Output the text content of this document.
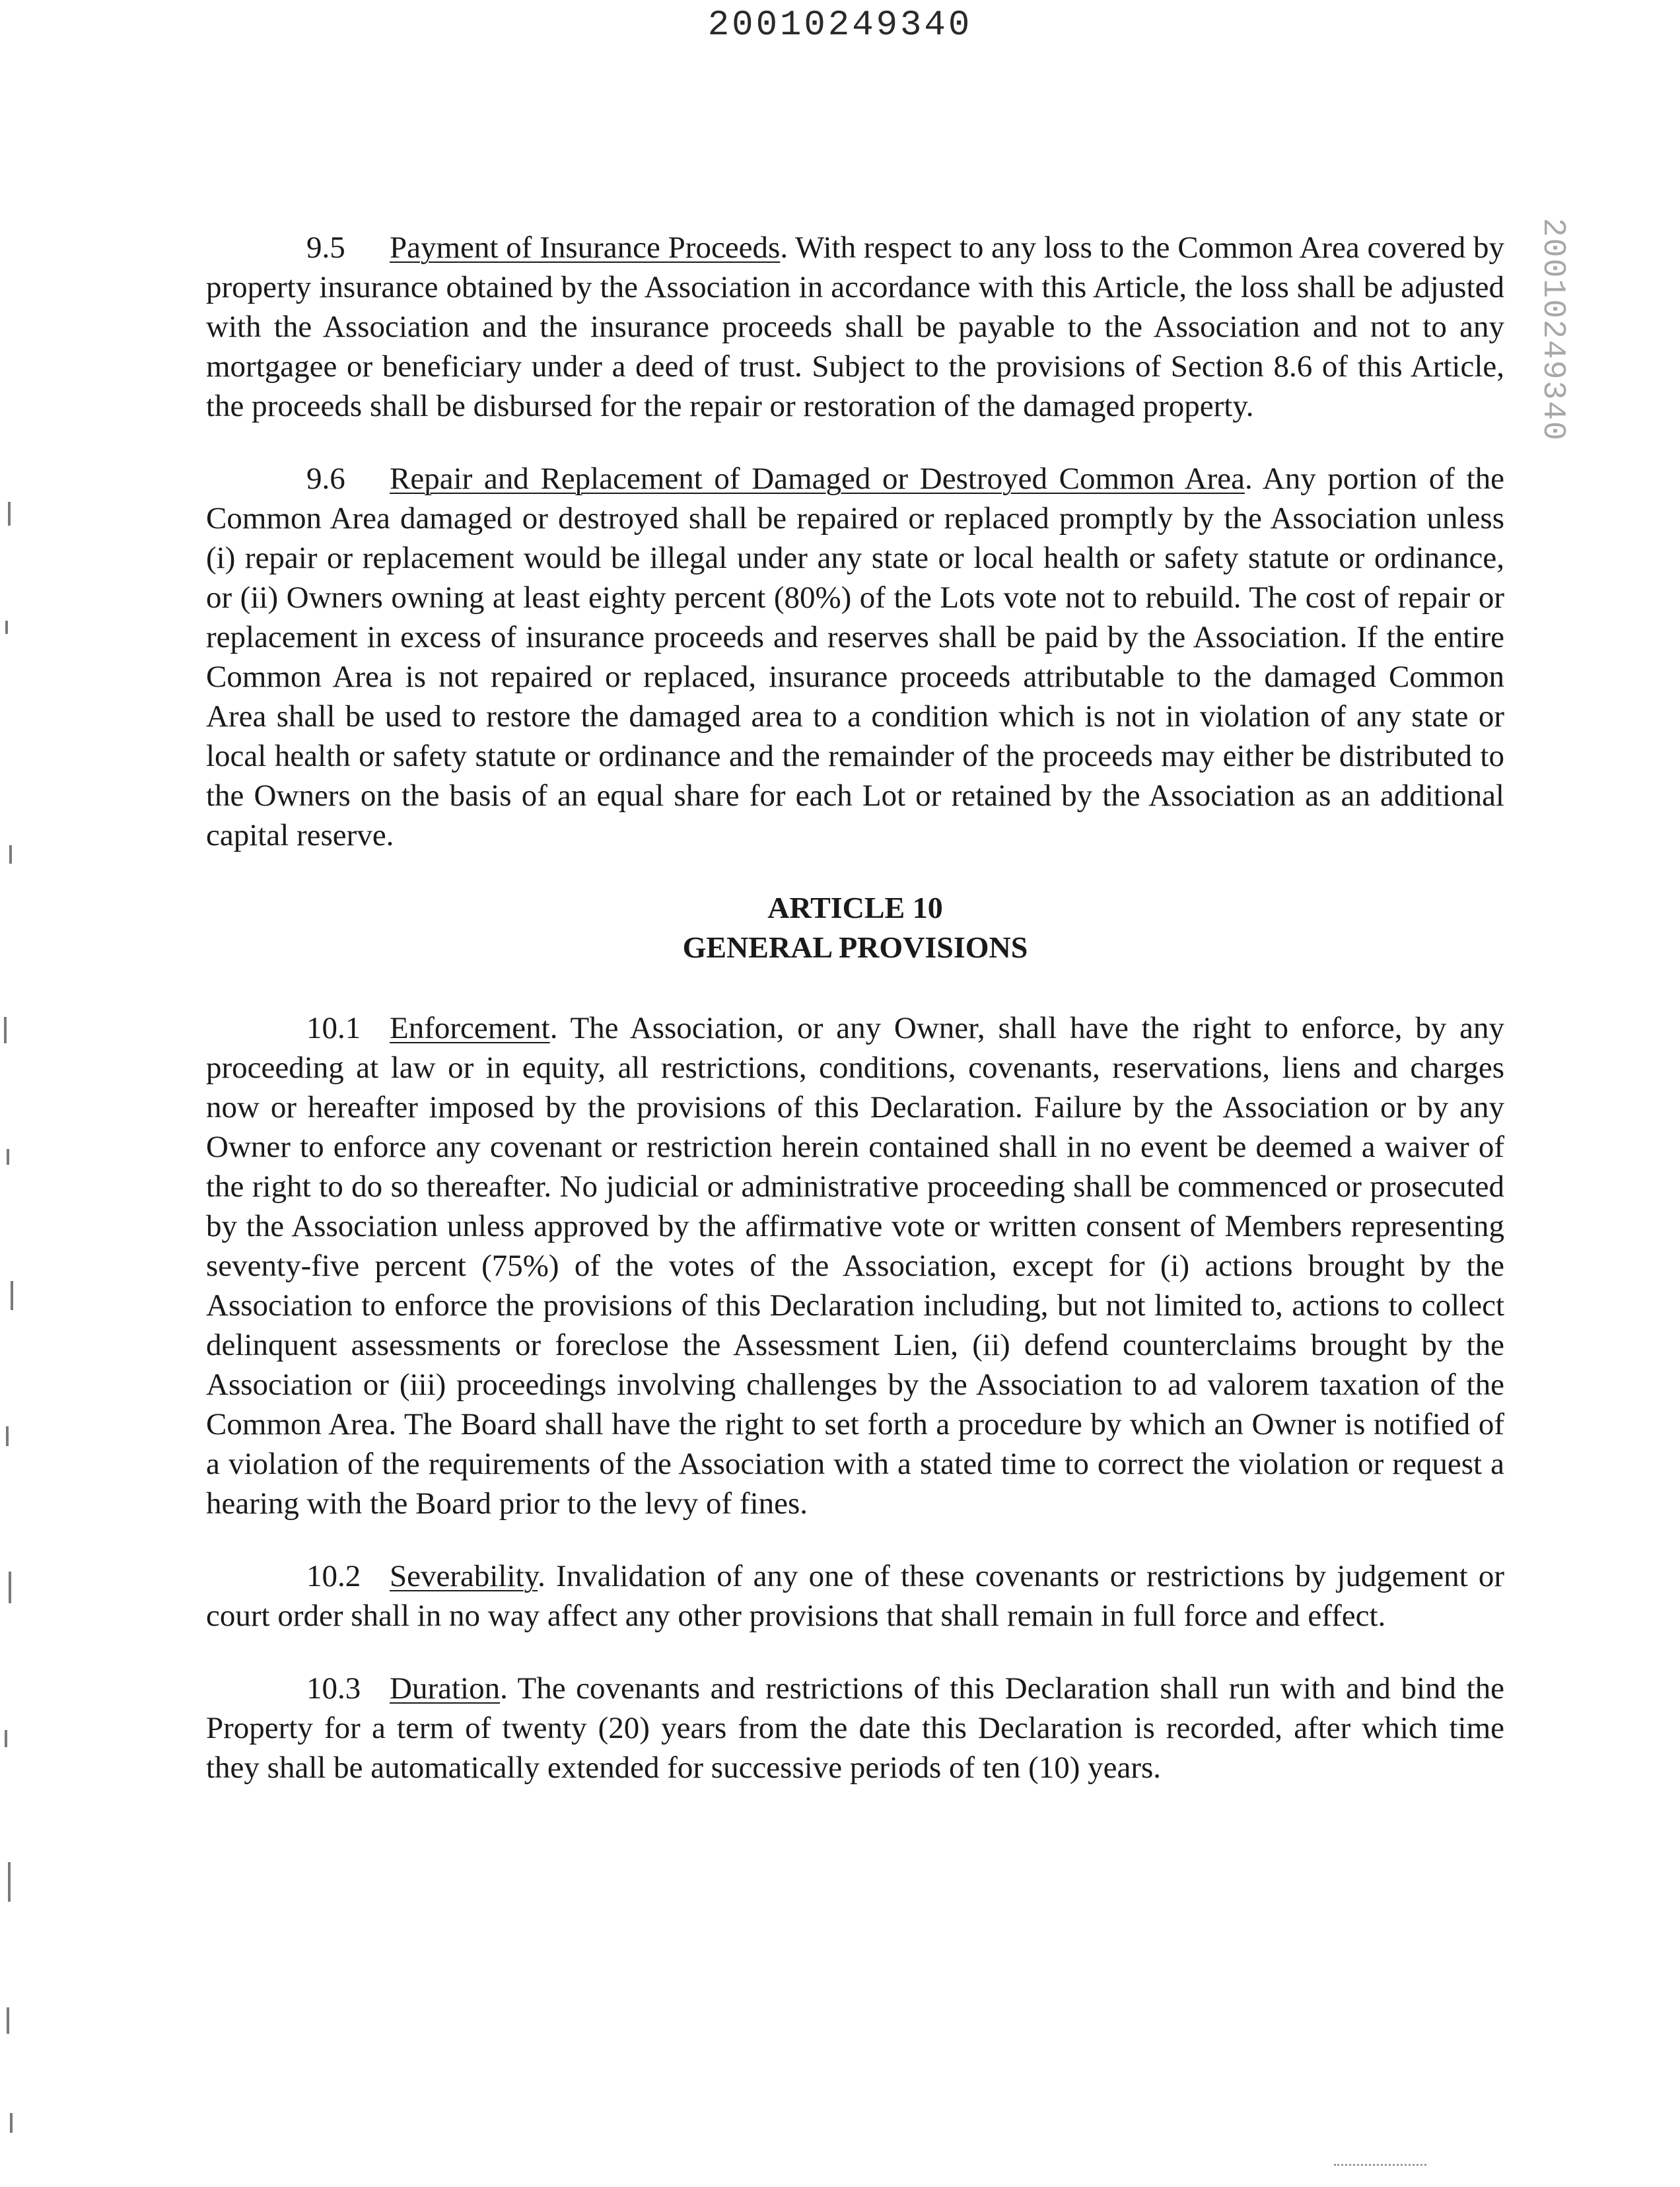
20010249340
20010249340

9.5 Payment of Insurance Proceeds. With respect to any loss to the Common Area covered by property insurance obtained by the Association in accordance with this Article, the loss shall be adjusted with the Association and the insurance proceeds shall be payable to the Association and not to any mortgagee or beneficiary under a deed of trust. Subject to the provisions of Section 8.6 of this Article, the proceeds shall be disbursed for the repair or restoration of the damaged property.

9.6 Repair and Replacement of Damaged or Destroyed Common Area. Any portion of the Common Area damaged or destroyed shall be repaired or replaced promptly by the Association unless (i) repair or replacement would be illegal under any state or local health or safety statute or ordinance, or (ii) Owners owning at least eighty percent (80%) of the Lots vote not to rebuild. The cost of repair or replacement in excess of insurance proceeds and reserves shall be paid by the Association. If the entire Common Area is not repaired or replaced, insurance proceeds attributable to the damaged Common Area shall be used to restore the damaged area to a condition which is not in violation of any state or local health or safety statute or ordinance and the remainder of the proceeds may either be distributed to the Owners on the basis of an equal share for each Lot or retained by the Association as an additional capital reserve.

ARTICLE 10
GENERAL PROVISIONS

10.1 Enforcement. The Association, or any Owner, shall have the right to enforce, by any proceeding at law or in equity, all restrictions, conditions, covenants, reservations, liens and charges now or hereafter imposed by the provisions of this Declaration. Failure by the Association or by any Owner to enforce any covenant or restriction herein contained shall in no event be deemed a waiver of the right to do so thereafter. No judicial or administrative proceeding shall be commenced or prosecuted by the Association unless approved by the affirmative vote or written consent of Members representing seventy-five percent (75%) of the votes of the Association, except for (i) actions brought by the Association to enforce the provisions of this Declaration including, but not limited to, actions to collect delinquent assessments or foreclose the Assessment Lien, (ii) defend counterclaims brought by the Association or (iii) proceedings involving challenges by the Association to ad valorem taxation of the Common Area. The Board shall have the right to set forth a procedure by which an Owner is notified of a violation of the requirements of the Association with a stated time to correct the violation or request a hearing with the Board prior to the levy of fines.

10.2 Severability. Invalidation of any one of these covenants or restrictions by judgement or court order shall in no way affect any other provisions that shall remain in full force and effect.

10.3 Duration. The covenants and restrictions of this Declaration shall run with and bind the Property for a term of twenty (20) years from the date this Declaration is recorded, after which time they shall be automatically extended for successive periods of ten (10) years.
